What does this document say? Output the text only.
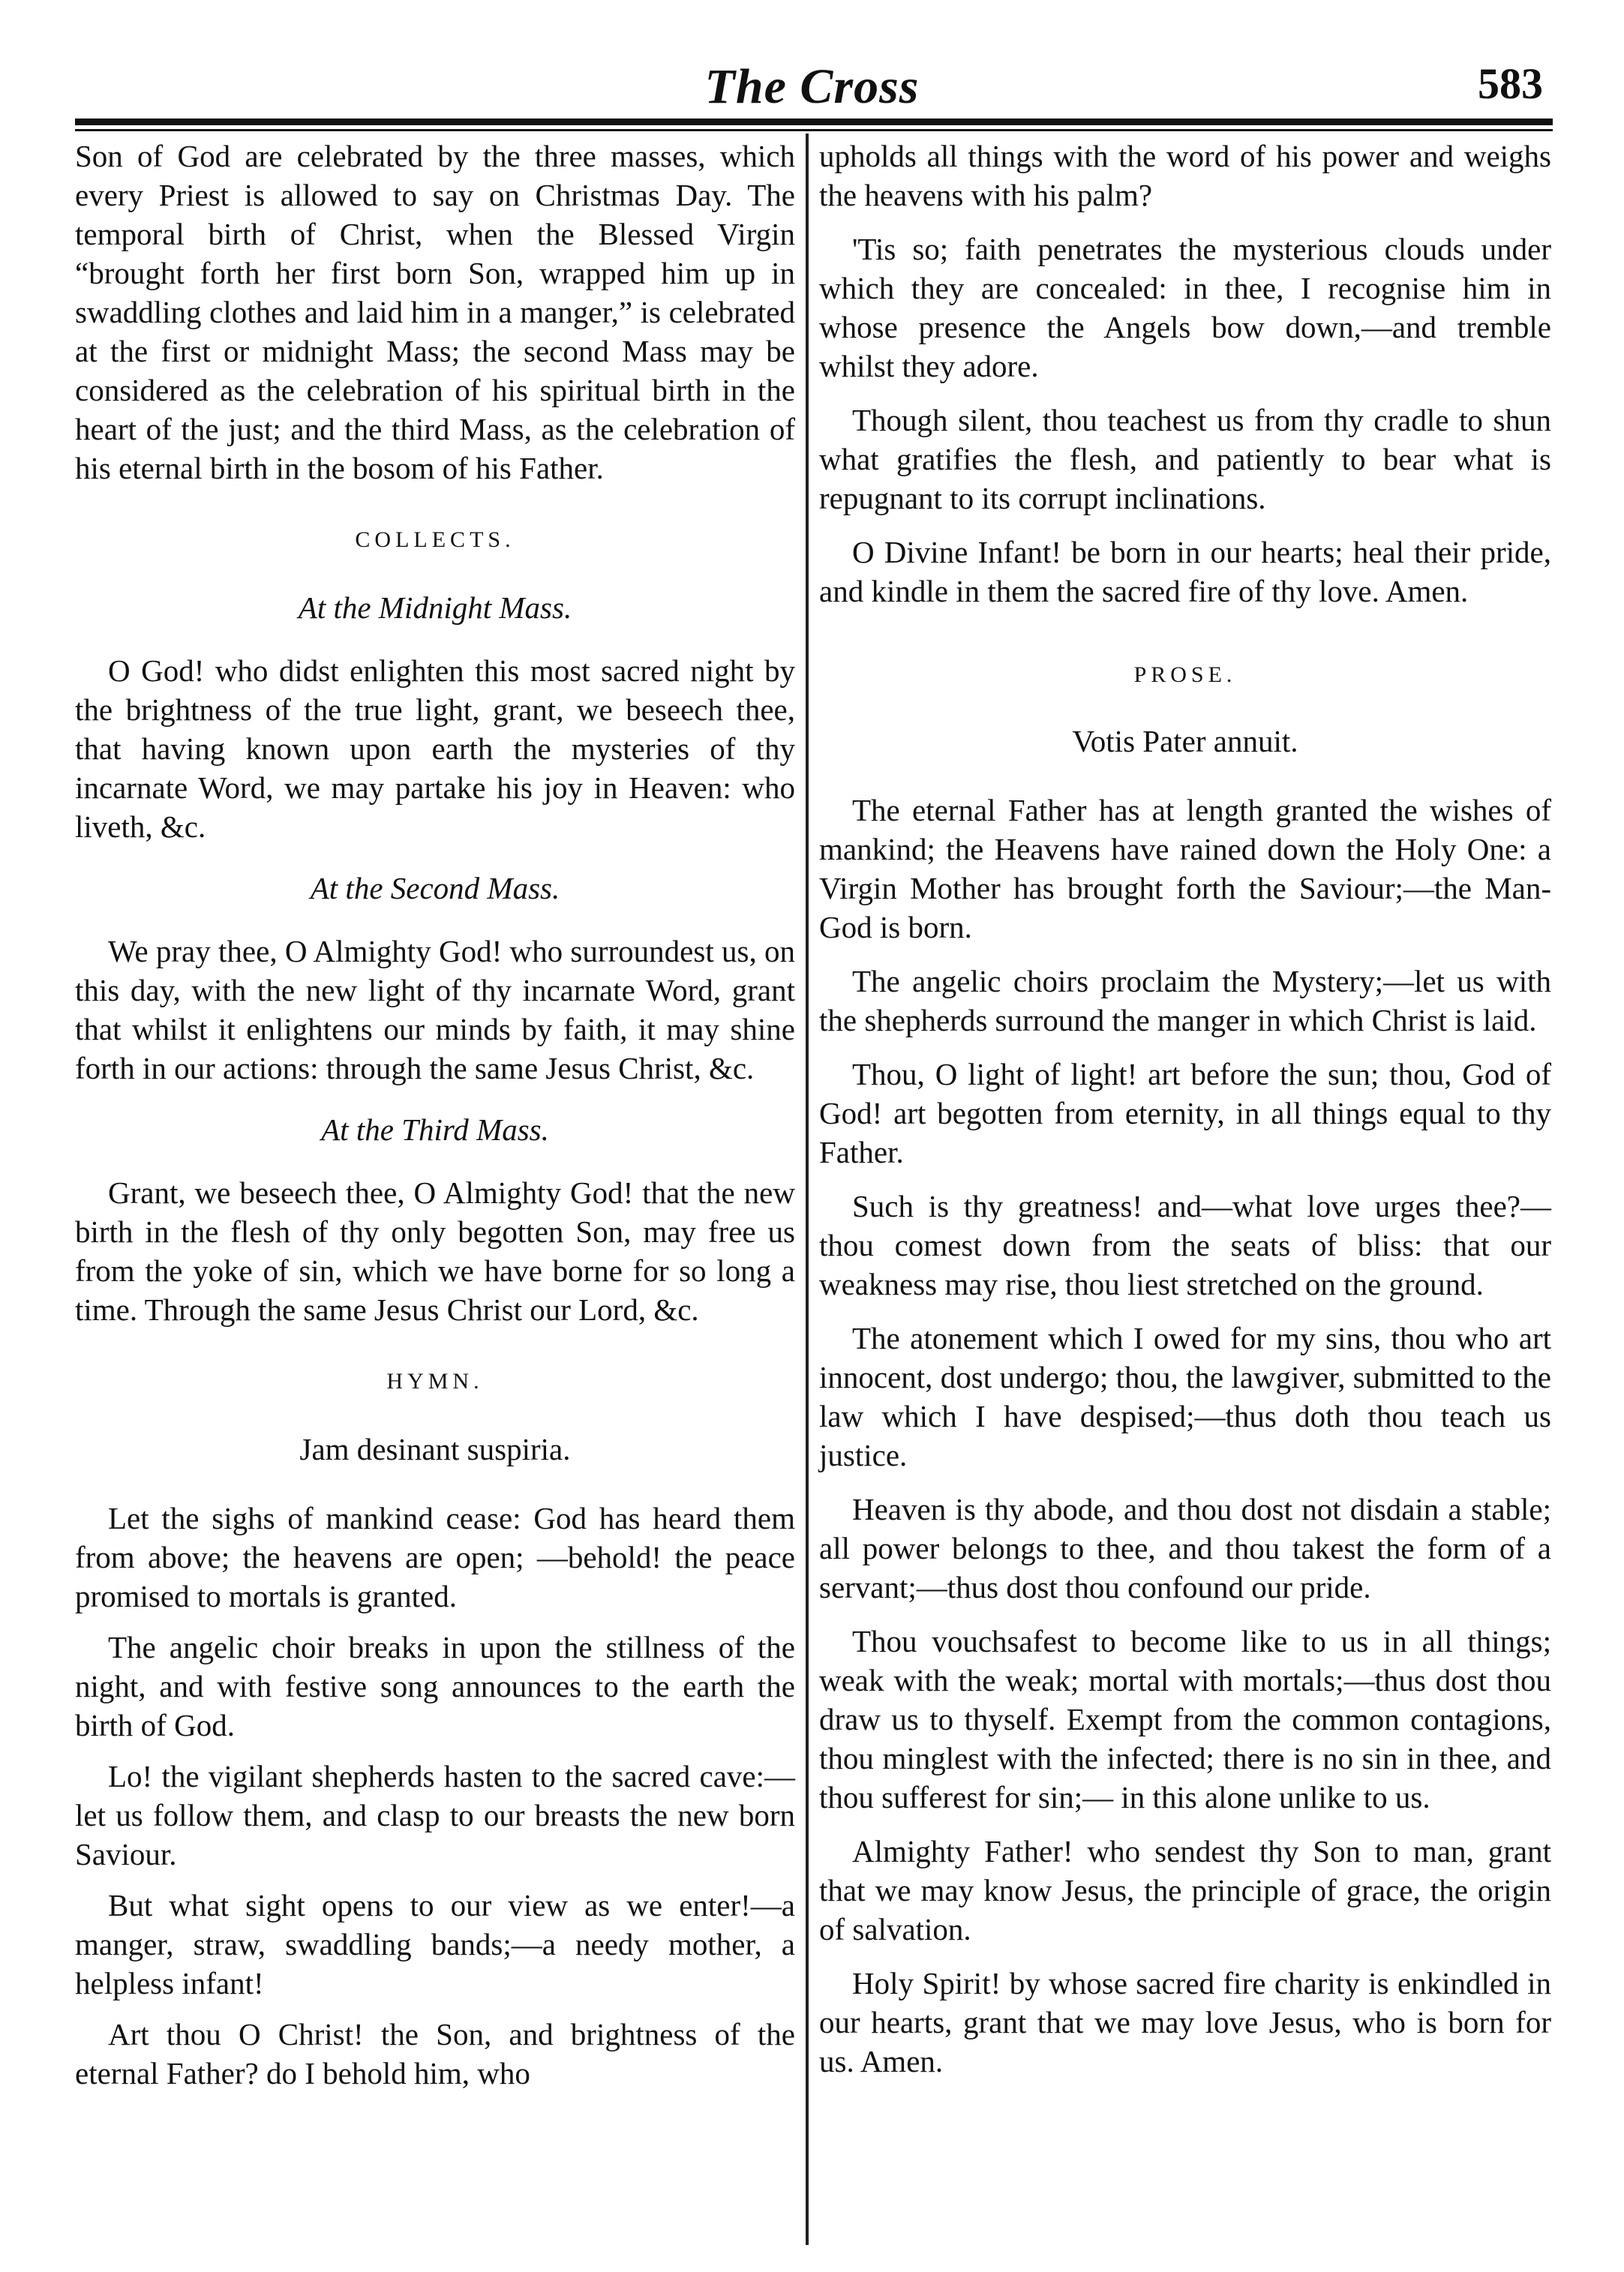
The Cross	583

Son of God are celebrated by the three masses, which every Priest is allowed to say on Christmas Day. The temporal birth of Christ, when the Blessed Virgin “brought forth her first born Son, wrapped him up in swaddling clothes and laid him in a manger,” is celebrated at the first or midnight Mass; the second Mass may be considered as the celebration of his spiritual birth in the heart of the just; and the third Mass, as the celebration of his eternal birth in the bosom of his Father.

COLLECTS.

At the Midnight Mass.

O God! who didst enlighten this most sacred night by the brightness of the true light, grant, we beseech thee, that having known upon earth the mysteries of thy incarnate Word, we may partake his joy in Heaven: who liveth, &c.

At the Second Mass.

We pray thee, O Almighty God! who surroundest us, on this day, with the new light of thy incarnate Word, grant that whilst it enlightens our minds by faith, it may shine forth in our actions: through the same Jesus Christ, &c.

At the Third Mass.

Grant, we beseech thee, O Almighty God! that the new birth in the flesh of thy only begotten Son, may free us from the yoke of sin, which we have borne for so long a time. Through the same Jesus Christ our Lord, &c.

HYMN.

Jam desinant suspiria.

Let the sighs of mankind cease: God has heard them from above; the heavens are open; —behold! the peace promised to mortals is granted.

The angelic choir breaks in upon the stillness of the night, and with festive song announces to the earth the birth of God.

Lo! the vigilant shepherds hasten to the sacred cave:—let us follow them, and clasp to our breasts the new born Saviour.

But what sight opens to our view as we enter!—a manger, straw, swaddling bands;—a needy mother, a helpless infant!

Art thou O Christ! the Son, and brightness of the eternal Father? do I behold him, who

upholds all things with the word of his power and weighs the heavens with his palm?

'Tis so; faith penetrates the mysterious clouds under which they are concealed: in thee, I recognise him in whose presence the Angels bow down,—and tremble whilst they adore.

Though silent, thou teachest us from thy cradle to shun what gratifies the flesh, and patiently to bear what is repugnant to its corrupt inclinations.

O Divine Infant! be born in our hearts; heal their pride, and kindle in them the sacred fire of thy love. Amen.

PROSE.

Votis Pater annuit.

The eternal Father has at length granted the wishes of mankind; the Heavens have rained down the Holy One: a Virgin Mother has brought forth the Saviour;—the Man-God is born.

The angelic choirs proclaim the Mystery;—let us with the shepherds surround the manger in which Christ is laid.

Thou, O light of light! art before the sun; thou, God of God! art begotten from eternity, in all things equal to thy Father.

Such is thy greatness! and—what love urges thee?—thou comest down from the seats of bliss: that our weakness may rise, thou liest stretched on the ground.

The atonement which I owed for my sins, thou who art innocent, dost undergo; thou, the lawgiver, submitted to the law which I have despised;—thus doth thou teach us justice.

Heaven is thy abode, and thou dost not disdain a stable; all power belongs to thee, and thou takest the form of a servant;—thus dost thou confound our pride.

Thou vouchsafest to become like to us in all things; weak with the weak; mortal with mortals;—thus dost thou draw us to thyself. Exempt from the common contagions, thou minglest with the infected; there is no sin in thee, and thou sufferest for sin;— in this alone unlike to us.

Almighty Father! who sendest thy Son to man, grant that we may know Jesus, the principle of grace, the origin of salvation.

Holy Spirit! by whose sacred fire charity is enkindled in our hearts, grant that we may love Jesus, who is born for us. Amen.
